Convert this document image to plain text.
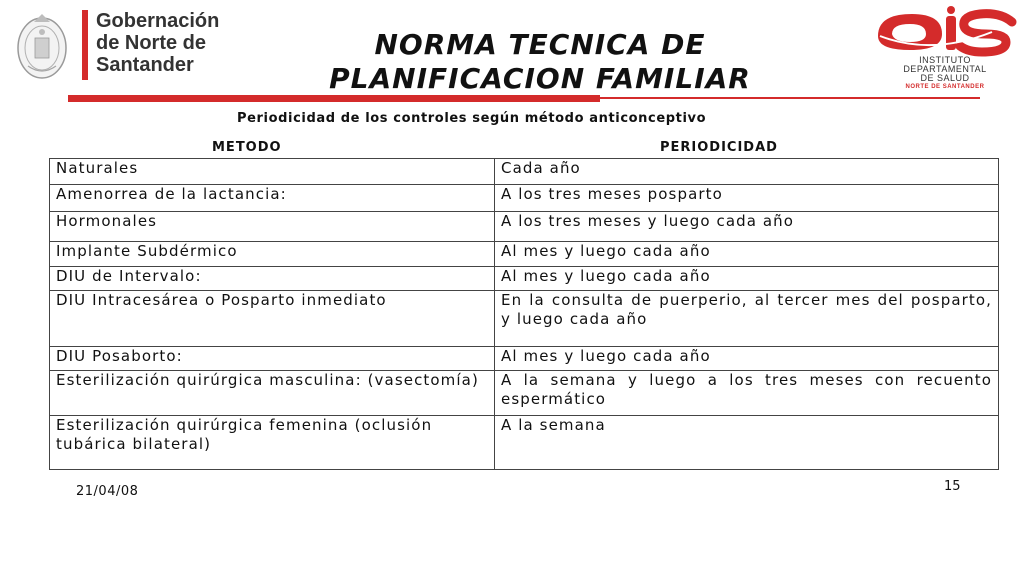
Gobernación
de Norte de
Santander
NORMA TECNICA DE
PLANIFICACION FAMILIAR
INSTITUTO
DEPARTAMENTAL
DE SALUD
NORTE DE SANTANDER
Periodicidad de los controles según método anticonceptivo
METODO	PERIODICIDAD
Naturales	Cada año
Amenorrea de la lactancia:	A los tres meses posparto
Hormonales	A los tres meses y luego cada año
Implante Subdérmico	Al mes y luego cada año
DIU de Intervalo:	Al mes y luego cada año
DIU Intracesárea o Posparto inmediato	En la consulta de puerperio, al tercer mes del posparto, y luego cada año
DIU Posaborto:	Al mes y luego cada año
Esterilización quirúrgica masculina: (vasectomía)	A la semana y luego a los tres meses con recuento espermático
Esterilización quirúrgica femenina (oclusión tubárica bilateral)	A la semana
21/04/08	15
